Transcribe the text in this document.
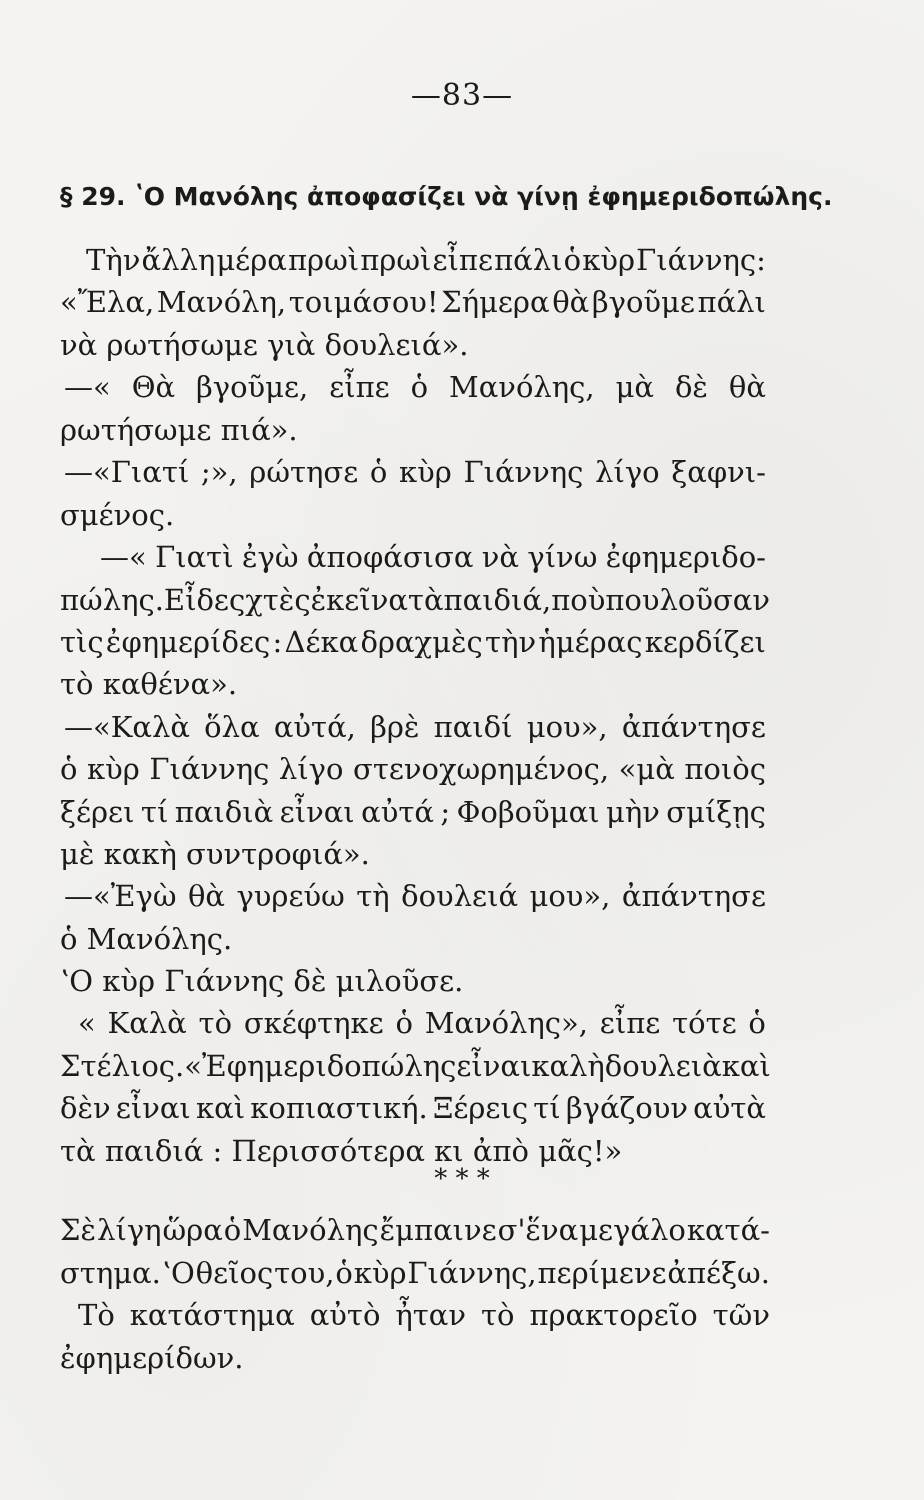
—83—
§ 29. ʽΟ Μανόλης ἀποφασίζει νὰ γίνῃ ἐφημεριδοπώλης.
Τὴν ἄλλη μέρα πρωὶ πρωὶ εἶπε πάλι ὁ κὺρ Γιάννης:
«Ἔλα, Μανόλη, τοιμάσου! Σήμερα θὰ βγοῦμε πάλι
νὰ ρωτήσωμε γιὰ δουλειά».
—« Θὰ βγοῦμε, εἶπε ὁ Μανόλης, μὰ δὲ θὰ
ρωτήσωμε πιά».
—«Γιατί ;», ρώτησε ὁ κὺρ Γιάννης λίγο ξαφνι-
σμένος.
—« Γιατὶ ἐγὼ ἀποφάσισα νὰ γίνω ἐφημεριδο-
πώλης. Εἶδες χτὲς ἐκεῖνα τὰ παιδιά, ποὺ πουλοῦσαν
τὶς ἐφημερίδες : Δέκα δραχμὲς τὴν ἡμέρας κερδίζει
τὸ καθένα».
—«Καλὰ ὅλα αὐτά, βρὲ παιδί μου», ἀπάντησε
ὁ κὺρ Γιάννης λίγο στενοχωρημένος, «μὰ ποιὸς
ξέρει τί παιδιὰ εἶναι αὐτά ; Φοβοῦμαι μὴν σμίξῃς
μὲ κακὴ συντροφιά».
—«Ἐγὼ θὰ γυρεύω τὴ δουλειά μου», ἀπάντησε
ὁ Μανόλης.
ʽΟ κὺρ Γιάννης δὲ μιλοῦσε.
« Καλὰ τὸ σκέφτηκε ὁ Μανόλης», εἶπε τότε ὁ
Στέλιος. « Ἐφημεριδοπώλης εἶναι καλὴ δουλειὰ καὶ
δὲν εἶναι καὶ κοπιαστική. Ξέρεις τί βγάζουν αὐτὰ
τὰ παιδιά : Περισσότερα κι ἀπὸ μᾶς!»
Σὲ λίγη ὥρα ὁ Μανόλης ἔμπαινε σ'ἕνα μεγάλο κατά-
στημα. ʽΟ θεῖος του, ὁ κὺρ Γιάννης, περίμενε ἀπέξω.
Τὸ κατάστημα αὐτὸ ἦταν τὸ πρακτορεῖο τῶν
ἐφημερίδων.
* * *
